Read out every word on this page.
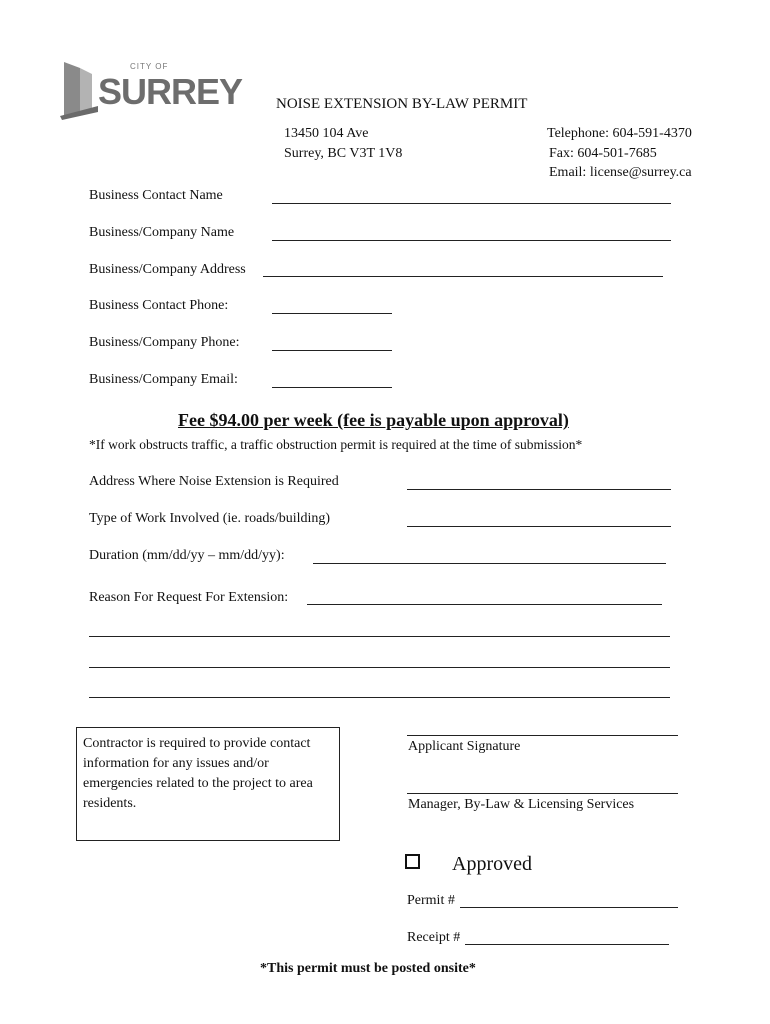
CITY OF
SURREY NOISE EXTENSION BY-LAW PERMIT
13450 104 Ave
Surrey, BC V3T 1V8
Telephone: 604-591-4370
Fax: 604-501-7685
Email: license@surrey.ca
Business Contact Name
Business/Company Name
Business/Company Address
Business Contact Phone:
Business/Company Phone:
Business/Company Email:
Fee $94.00 per week (fee is payable upon approval)
*If work obstructs traffic, a traffic obstruction permit is required at the time of submission*
Address Where Noise Extension is Required
Type of Work Involved (ie. roads/building)
Duration (mm/dd/yy – mm/dd/yy):
Reason For Request For Extension:
Contractor is required to provide contact information for any issues and/or emergencies related to the project to area residents.
Applicant Signature
Manager, By-Law & Licensing Services
Approved
Permit #
Receipt #
*This permit must be posted onsite*
